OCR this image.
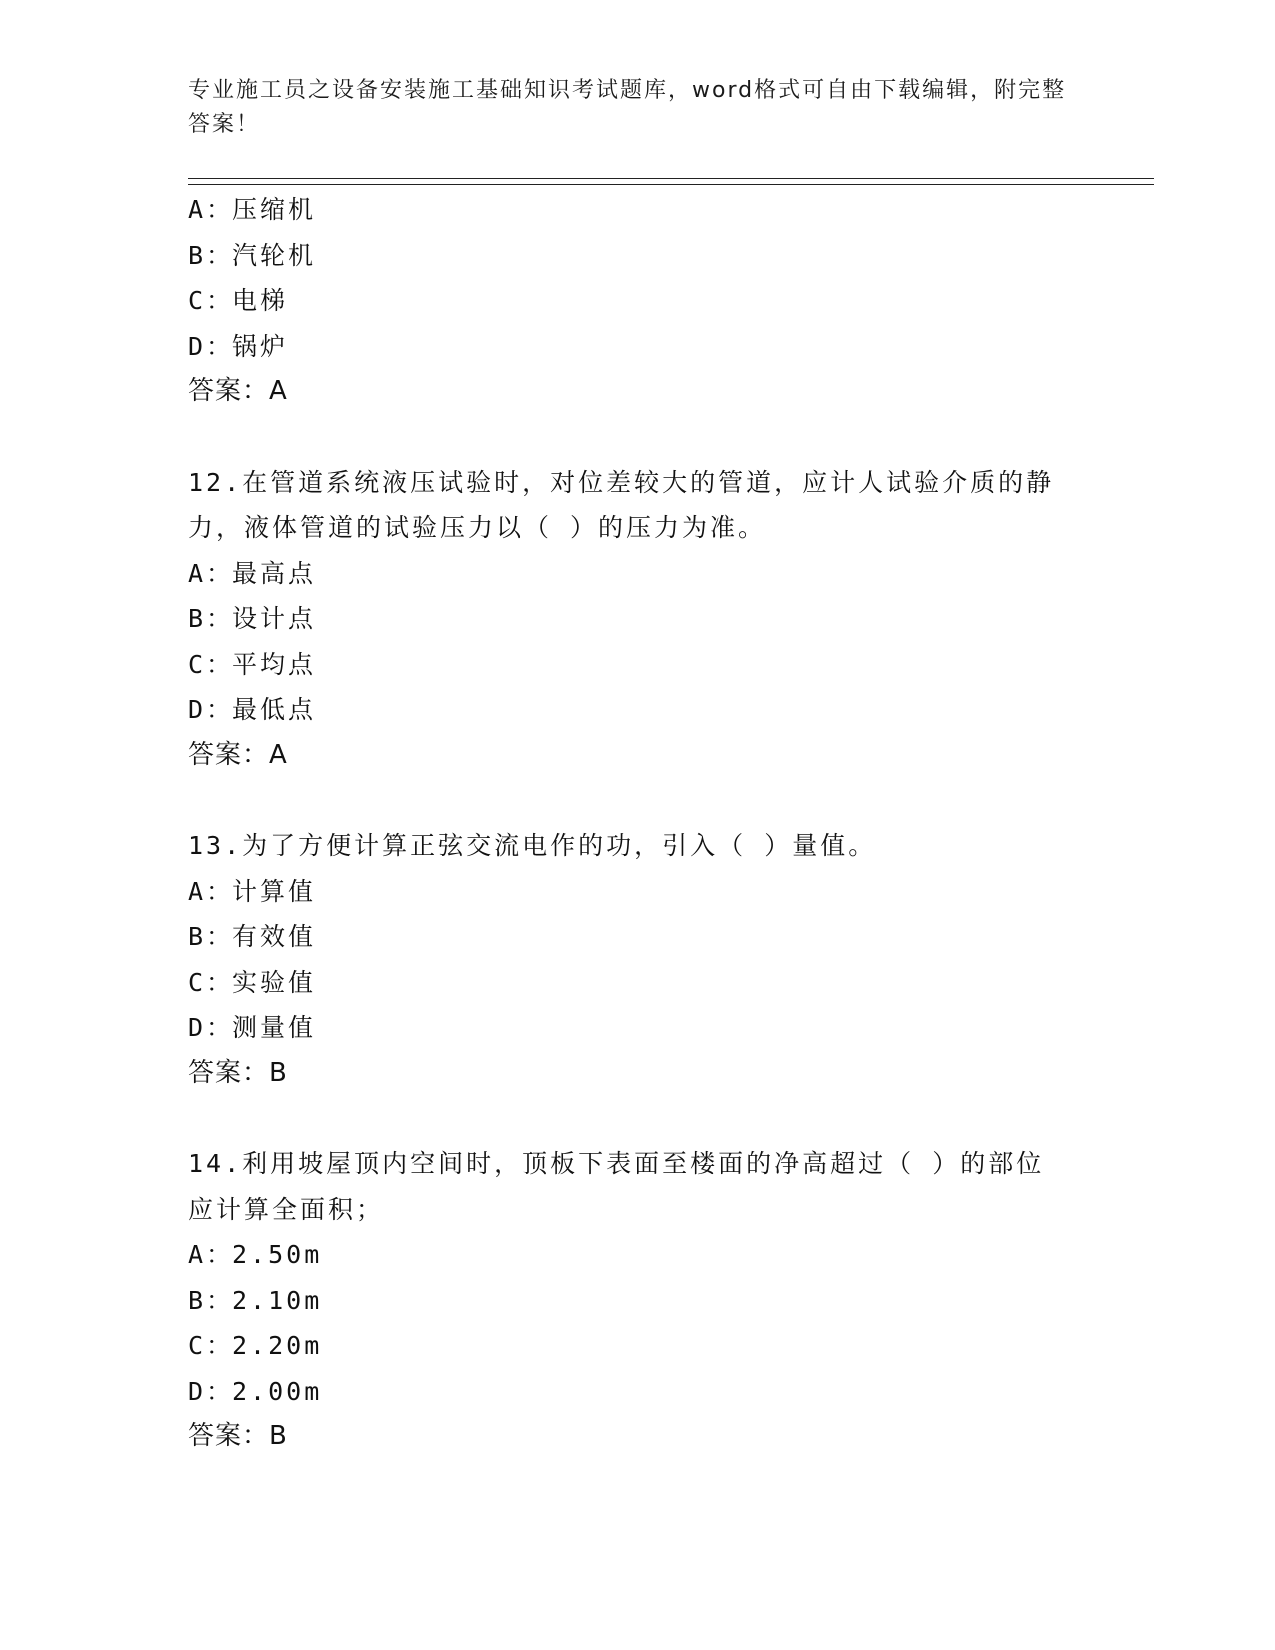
专业施工员之设备安装施工基础知识考试题库，word格式可自由下载编辑，附完整答案！
A：压缩机
B：汽轮机
C：电梯
D：锅炉
答案：A
12.在管道系统液压试验时，对位差较大的管道，应计人试验介质的静
力，液体管道的试验压力以（ ）的压力为准。
A：最高点
B：设计点
C：平均点
D：最低点
答案：A
13.为了方便计算正弦交流电作的功，引入（ ）量值。
A：计算值
B：有效值
C：实验值
D：测量值
答案：B
14.利用坡屋顶内空间时，顶板下表面至楼面的净高超过（ ）的部位
应计算全面积；
A：2.50m
B：2.10m
C：2.20m
D：2.00m
答案：B
